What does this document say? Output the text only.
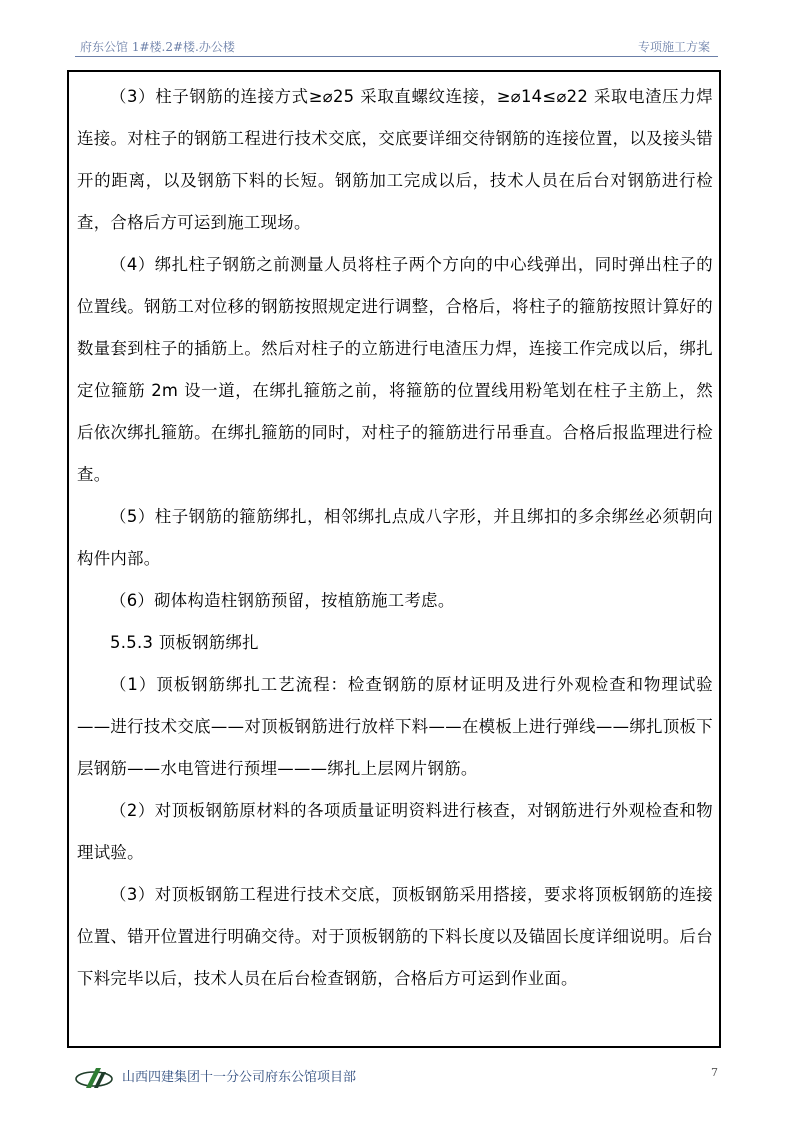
府东公馆 1#楼.2#楼.办公楼	专项施工方案

（3）柱子钢筋的连接方式≥⌀25 采取直螺纹连接，≥⌀14≤⌀22 采取电渣压力焊连接。对柱子的钢筋工程进行技术交底，交底要详细交待钢筋的连接位置，以及接头错开的距离，以及钢筋下料的长短。钢筋加工完成以后，技术人员在后台对钢筋进行检查，合格后方可运到施工现场。

（4）绑扎柱子钢筋之前测量人员将柱子两个方向的中心线弹出，同时弹出柱子的位置线。钢筋工对位移的钢筋按照规定进行调整，合格后，将柱子的箍筋按照计算好的数量套到柱子的插筋上。然后对柱子的立筋进行电渣压力焊，连接工作完成以后，绑扎定位箍筋 2m 设一道，在绑扎箍筋之前，将箍筋的位置线用粉笔划在柱子主筋上，然后依次绑扎箍筋。在绑扎箍筋的同时，对柱子的箍筋进行吊垂直。合格后报监理进行检查。

（5）柱子钢筋的箍筋绑扎，相邻绑扎点成八字形，并且绑扣的多余绑丝必须朝向构件内部。

（6）砌体构造柱钢筋预留，按植筋施工考虑。

5.5.3 顶板钢筋绑扎

（1）顶板钢筋绑扎工艺流程：检查钢筋的原材证明及进行外观检查和物理试验——进行技术交底——对顶板钢筋进行放样下料——在模板上进行弹线——绑扎顶板下层钢筋——水电管进行预埋———绑扎上层网片钢筋。

（2）对顶板钢筋原材料的各项质量证明资料进行核查，对钢筋进行外观检查和物理试验。

（3）对顶板钢筋工程进行技术交底，顶板钢筋采用搭接，要求将顶板钢筋的连接位置、错开位置进行明确交待。对于顶板钢筋的下料长度以及锚固长度详细说明。后台下料完毕以后，技术人员在后台检查钢筋，合格后方可运到作业面。

山西四建集团十一分公司府东公馆项目部	7
